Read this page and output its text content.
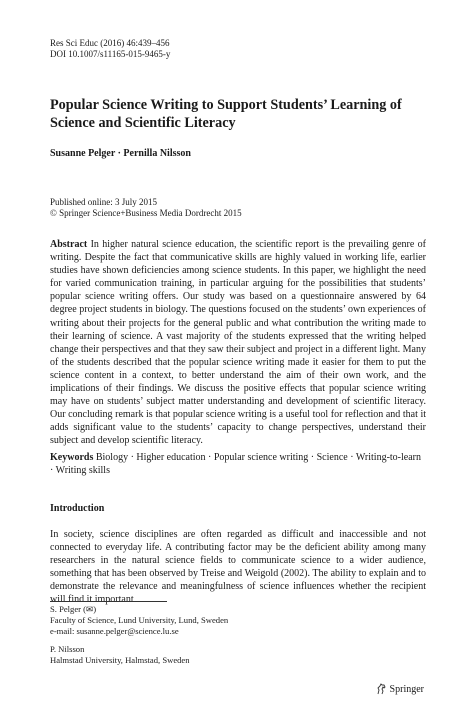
Res Sci Educ (2016) 46:439–456
DOI 10.1007/s11165-015-9465-y
Popular Science Writing to Support Students’ Learning of Science and Scientific Literacy
Susanne Pelger · Pernilla Nilsson
Published online: 3 July 2015
© Springer Science+Business Media Dordrecht 2015
Abstract In higher natural science education, the scientific report is the prevailing genre of writing. Despite the fact that communicative skills are highly valued in working life, earlier studies have shown deficiencies among science students. In this paper, we highlight the need for varied communication training, in particular arguing for the possibilities that students’ popular science writing offers. Our study was based on a questionnaire answered by 64 degree project students in biology. The questions focused on the students’ own experiences of writing about their projects for the general public and what contribution the writing made to their learning of science. A vast majority of the students expressed that the writing helped change their perspectives and that they saw their subject and project in a different light. Many of the students described that the popular science writing made it easier for them to put the science content in a context, to better understand the aim of their own work, and the implications of their findings. We discuss the positive effects that popular science writing may have on students’ subject matter understanding and development of scientific literacy. Our concluding remark is that popular science writing is a useful tool for reflection and that it adds significant value to the students’ capacity to change perspectives, understand their subject and develop scientific literacy.
Keywords Biology · Higher education · Popular science writing · Science · Writing-to-learn · Writing skills
Introduction
In society, science disciplines are often regarded as difficult and inaccessible and not connected to everyday life. A contributing factor may be the deficient ability among many researchers in the natural science fields to communicate science to a wider audience, something that has been observed by Treise and Weigold (2002). The ability to explain and to demonstrate the relevance and meaningfulness of science influences whether the recipient will find it important
S. Pelger (✉)
Faculty of Science, Lund University, Lund, Sweden
e-mail: susanne.pelger@science.lu.se
P. Nilsson
Halmstad University, Halmstad, Sweden
Springer
